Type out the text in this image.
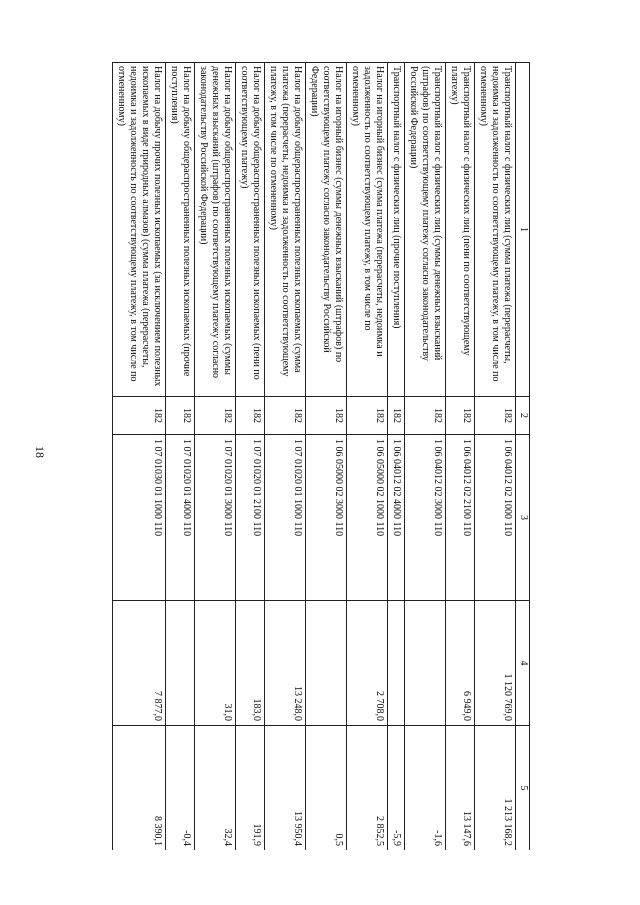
18
1	2	3	4	5
Транспортный налог с физических лиц (сумма платежа (перерасчеты, недоимка и задолженность по соответствующему платежу, в том числе по отмененному)	182	1 06 04012 02 1000 110	1 120 769,0	1 213 168,2
Транспортный налог с физических лиц (пени по соответствующему платежу)	182	1 06 04012 02 2100 110	6 949,0	13 147,6
Транспортный налог с физических лиц (суммы денежных взысканий (штрафов) по соответствующему платежу согласно законодательству Российской Федерации)	182	1 06 04012 02 3000 110		-1,6
Транспортный налог с физических лиц (прочие поступления)	182	1 06 04012 02 4000 110		-5,9
Налог на игорный бизнес (сумма платежа (перерасчеты, недоимка и задолженность по соответствующему платежу, в том числе по отмененному)	182	1 06 05000 02 1000 110	2 708,0	2 852,5
Налог на игорный бизнес (суммы денежных взысканий (штрафов) по соответствующему платежу согласно законодательству Российской Федерации)	182	1 06 05000 02 3000 110		0,5
Налог на добычу общераспространенных полезных ископаемых (сумма платежа (перерасчеты, недоимка и задолженность по соответствующему платежу, в том числе по отмененному)	182	1 07 01020 01 1000 110	13 248,0	13 950,4
Налог на добычу общераспространенных полезных ископаемых (пени по соответствующему платежу)	182	1 07 01020 01 2100 110	183,0	191,9
Налог на добычу общераспространенных полезных ископаемых (суммы денежных взысканий (штрафов) по соответствующему платежу согласно законодательству Российской Федерации)	182	1 07 01020 01 3000 110	31,0	32,4
Налог на добычу общераспространенных полезных ископаемых (прочие поступления)	182	1 07 01020 01 4000 110		-0,4
Налог на добычу прочих полезных ископаемых (за исключением полезных ископаемых в виде природных алмазов) (сумма платежа (перерасчеты, недоимка и задолженность по соответствующему платежу, в том числе по отмененному)	182	1 07 01030 01 1000 110	7 877,0	8 390,1
